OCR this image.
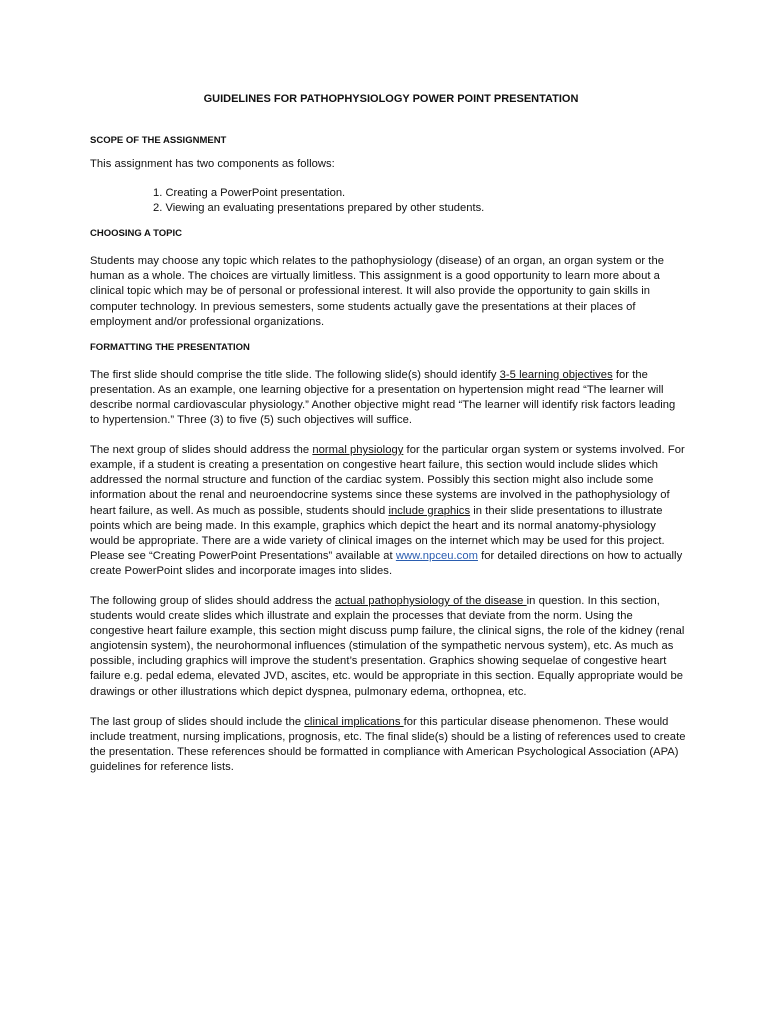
GUIDELINES FOR PATHOPHYSIOLOGY POWER POINT PRESENTATION
SCOPE OF THE ASSIGNMENT

This assignment has two components as follows:

1. Creating a PowerPoint presentation.
2. Viewing an evaluating presentations prepared by other students.
CHOOSING A TOPIC

Students may choose any topic which relates to the pathophysiology (disease) of an organ, an organ system or the human as a whole. The choices are virtually limitless. This assignment is a good opportunity to learn more about a clinical topic which may be of personal or professional interest. It will also provide the opportunity to gain skills in computer technology. In previous semesters, some students actually gave the presentations at their places of employment and/or professional organizations.

FORMATTING THE PRESENTATION

The first slide should comprise the title slide. The following slide(s) should identify 3-5 learning objectives for the presentation. As an example, one learning objective for a presentation on hypertension might read “The learner will describe normal cardiovascular physiology.” Another objective might read “The learner will identify risk factors leading to hypertension.” Three (3) to five (5) such objectives will suffice.

The next group of slides should address the normal physiology for the particular organ system or systems involved. For example, if a student is creating a presentation on congestive heart failure, this section would include slides which addressed the normal structure and function of the cardiac system. Possibly this section might also include some information about the renal and neuroendocrine systems since these systems are involved in the pathophysiology of heart failure, as well. As much as possible, students should include graphics in their slide presentations to illustrate points which are being made. In this example, graphics which depict the heart and its normal anatomy-physiology would be appropriate. There are a wide variety of clinical images on the internet which may be used for this project. Please see “Creating PowerPoint Presentations” available at www.npceu.com for detailed directions on how to actually create PowerPoint slides and incorporate images into slides.

The following group of slides should address the actual pathophysiology of the disease in question. In this section, students would create slides which illustrate and explain the processes that deviate from the norm. Using the congestive heart failure example, this section might discuss pump failure, the clinical signs, the role of the kidney (renal angiotensin system), the neurohormonal influences (stimulation of the sympathetic nervous system), etc. As much as possible, including graphics will improve the student’s presentation. Graphics showing sequelae of congestive heart failure e.g. pedal edema, elevated JVD, ascites, etc. would be appropriate in this section. Equally appropriate would be drawings or other illustrations which depict dyspnea, pulmonary edema, orthopnea, etc.

The last group of slides should include the clinical implications for this particular disease phenomenon. These would include treatment, nursing implications, prognosis, etc. The final slide(s) should be a listing of references used to create the presentation. These references should be formatted in compliance with American Psychological Association (APA) guidelines for reference lists.
